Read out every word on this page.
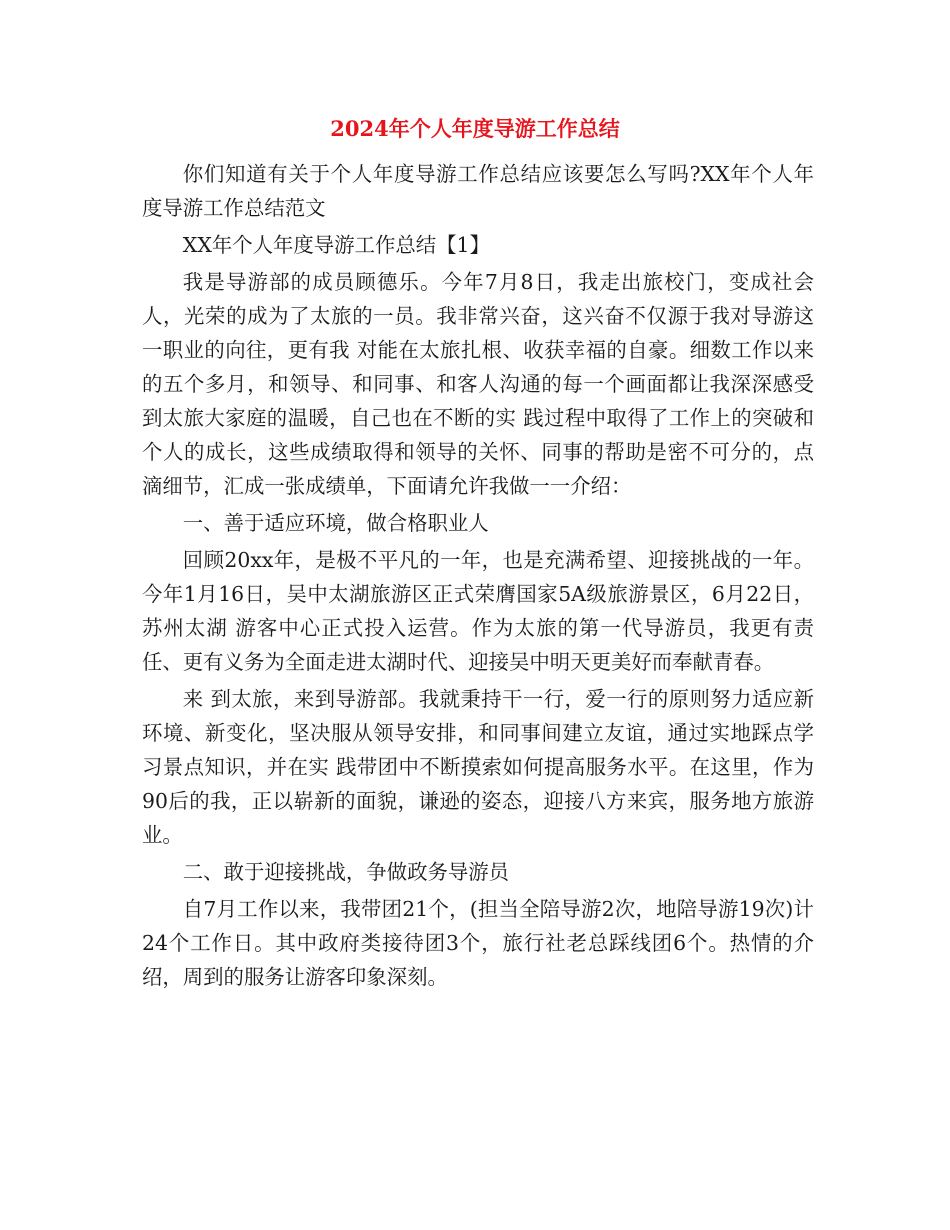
2024年个人年度导游工作总结

你们知道有关于个人年度导游工作总结应该要怎么写吗?XX年个人年度导游工作总结范文

XX年个人年度导游工作总结【1】

我是导游部的成员顾德乐。今年7月8日，我走出旅校门，变成社会人，光荣的成为了太旅的一员。我非常兴奋，这兴奋不仅源于我对导游这一职业的向往，更有我 对能在太旅扎根、收获幸福的自豪。细数工作以来的五个多月，和领导、和同事、和客人沟通的每一个画面都让我深深感受到太旅大家庭的温暖，自己也在不断的实 践过程中取得了工作上的突破和个人的成长，这些成绩取得和领导的关怀、同事的帮助是密不可分的，点滴细节，汇成一张成绩单，下面请允许我做一一介绍：

一、善于适应环境，做合格职业人

回顾20xx年，是极不平凡的一年，也是充满希望、迎接挑战的一年。今年1月16日，吴中太湖旅游区正式荣膺国家5A级旅游景区，6月22日，苏州太湖 游客中心正式投入运营。作为太旅的第一代导游员，我更有责任、更有义务为全面走进太湖时代、迎接吴中明天更美好而奉献青春。

来 到太旅，来到导游部。我就秉持干一行，爱一行的原则努力适应新环境、新变化，坚决服从领导安排，和同事间建立友谊，通过实地踩点学习景点知识，并在实 践带团中不断摸索如何提高服务水平。在这里，作为90后的我，正以崭新的面貌，谦逊的姿态，迎接八方来宾，服务地方旅游业。

二、敢于迎接挑战，争做政务导游员

自7月工作以来，我带团21个，(担当全陪导游2次，地陪导游19次)计24个工作日。其中政府类接待团3个，旅行社老总踩线团6个。热情的介绍，周到的服务让游客印象深刻。
